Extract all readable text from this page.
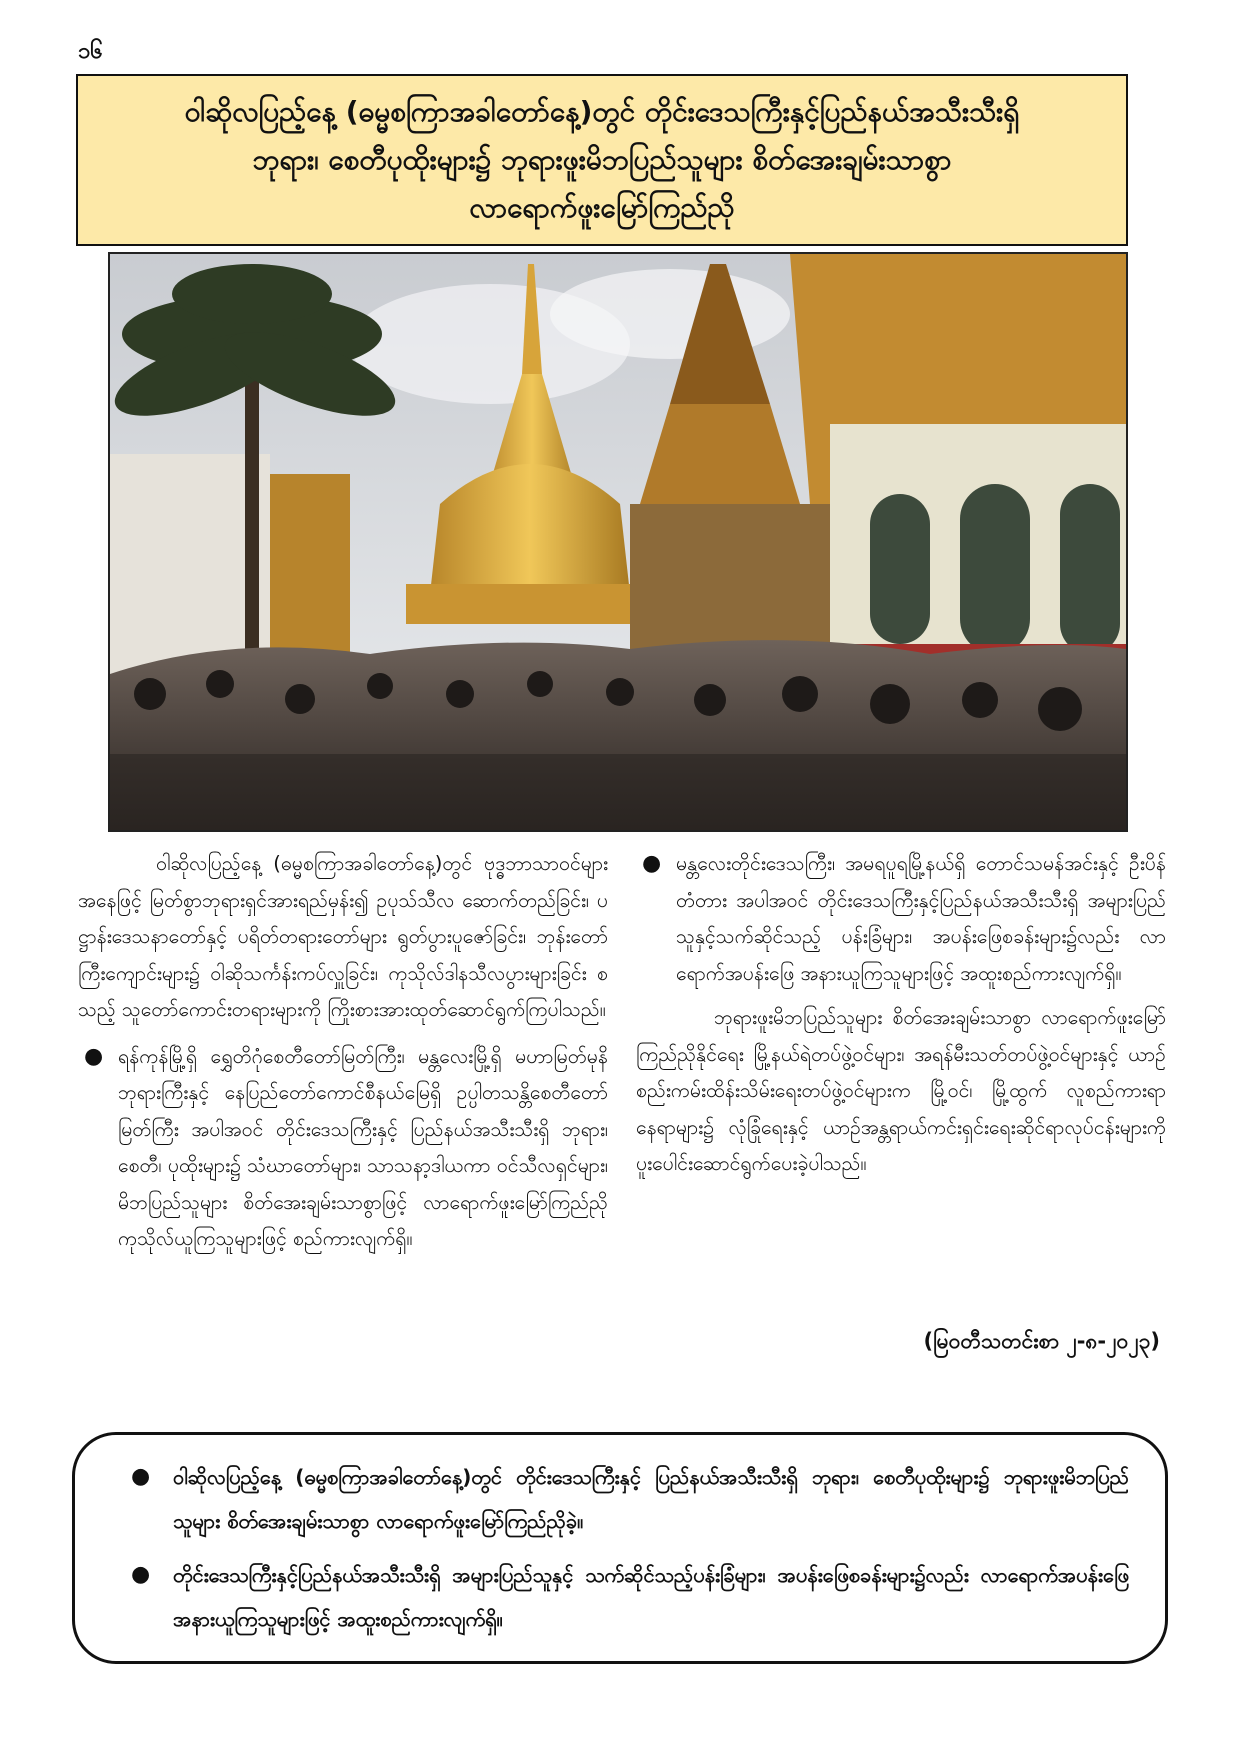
၁၆
ဝါဆိုလပြည့်နေ့ (ဓမ္မစကြာအခါတော်နေ့)တွင် တိုင်းဒေသကြီးနှင့်ပြည်နယ်အသီးသီးရှိ
ဘုရား၊ စေတီပုထိုးများ၌ ဘုရားဖူးမိဘပြည်သူများ စိတ်အေးချမ်းသာစွာ
လာရောက်ဖူးမြော်ကြည်ညို

ဝါဆိုလပြည့်နေ့ (ဓမ္မစကြာအခါတော်နေ့)တွင် ဗုဒ္ဓဘာသာဝင်များအနေဖြင့် မြတ်စွာဘုရားရှင်အားရည်မှန်း၍ ဥပုသ်သီလ ဆောက်တည်ခြင်း၊ ပဋ္ဌာန်းဒေသနာတော်နှင့် ပရိတ်တရားတော်များ ရွတ်ပွားပူဇော်ခြင်း၊ ဘုန်းတော်ကြီးကျောင်းများ၌ ဝါဆိုသင်္ကန်းကပ်လှူခြင်း၊ ကုသိုလ်ဒါနသီလပွားများခြင်း စသည့် သူတော်ကောင်းတရားများကို ကြိုးစားအားထုတ်ဆောင်ရွက်ကြပါသည်။

● ရန်ကုန်မြို့ရှိ ရွှေတိဂုံစေတီတော်မြတ်ကြီး၊ မန္တလေးမြို့ရှိ မဟာမြတ်မုနိဘုရားကြီးနှင့် နေပြည်တော်ကောင်စီနယ်မြေရှိ ဥပ္ပါတသန္တိစေတီတော်မြတ်ကြီး အပါအဝင် တိုင်းဒေသကြီးနှင့် ပြည်နယ်အသီးသီးရှိ ဘုရား၊ စေတီ၊ ပုထိုးများ၌ သံဃာတော်များ၊ သာသနာ့ဒါယကာ ဝင်သီလရှင်များ၊ မိဘပြည်သူများ စိတ်အေးချမ်းသာစွာဖြင့် လာရောက်ဖူးမြော်ကြည်ညို ကုသိုလ်ယူကြသူများဖြင့် စည်ကားလျက်ရှိ။
● မန္တလေးတိုင်းဒေသကြီး၊ အမရပူရမြို့နယ်ရှိ တောင်သမန်အင်းနှင့် ဦးပိန်တံတား အပါအဝင် တိုင်းဒေသကြီးနှင့်ပြည်နယ်အသီးသီးရှိ အများပြည်သူနှင့်သက်ဆိုင်သည့် ပန်းခြံများ၊ အပန်းဖြေစခန်းများ၌လည်း လာရောက်အပန်းဖြေ အနားယူကြသူများဖြင့် အထူးစည်ကားလျက်ရှိ။

ဘုရားဖူးမိဘပြည်သူများ စိတ်အေးချမ်းသာစွာ လာရောက်ဖူးမြော်ကြည်ညိုနိုင်ရေး မြို့နယ်ရဲတပ်ဖွဲ့ဝင်များ၊ အရန်မီးသတ်တပ်ဖွဲ့ဝင်များနှင့် ယာဉ်စည်းကမ်းထိန်းသိမ်းရေးတပ်ဖွဲ့ဝင်များက မြို့ဝင်၊ မြို့ထွက် လူစည်ကားရာနေရာများ၌ လုံခြုံရေးနှင့် ယာဉ်အန္တရာယ်ကင်းရှင်းရေးဆိုင်ရာလုပ်ငန်းများကို ပူးပေါင်းဆောင်ရွက်ပေးခဲ့ပါသည်။

(မြဝတီသတင်းစာ ၂-၈-၂၀၂၃)
● ဝါဆိုလပြည့်နေ့ (ဓမ္မစကြာအခါတော်နေ့)တွင် တိုင်းဒေသကြီးနှင့် ပြည်နယ်အသီးသီးရှိ ဘုရား၊ စေတီပုထိုးများ၌ ဘုရားဖူးမိဘပြည်သူများ စိတ်အေးချမ်းသာစွာ လာရောက်ဖူးမြော်ကြည်ညိုခဲ့။
● တိုင်းဒေသကြီးနှင့်ပြည်နယ်အသီးသီးရှိ အများပြည်သူနှင့် သက်ဆိုင်သည့်ပန်းခြံများ၊ အပန်းဖြေစခန်းများ၌လည်း လာရောက်အပန်းဖြေ အနားယူကြသူများဖြင့် အထူးစည်ကားလျက်ရှိ။
